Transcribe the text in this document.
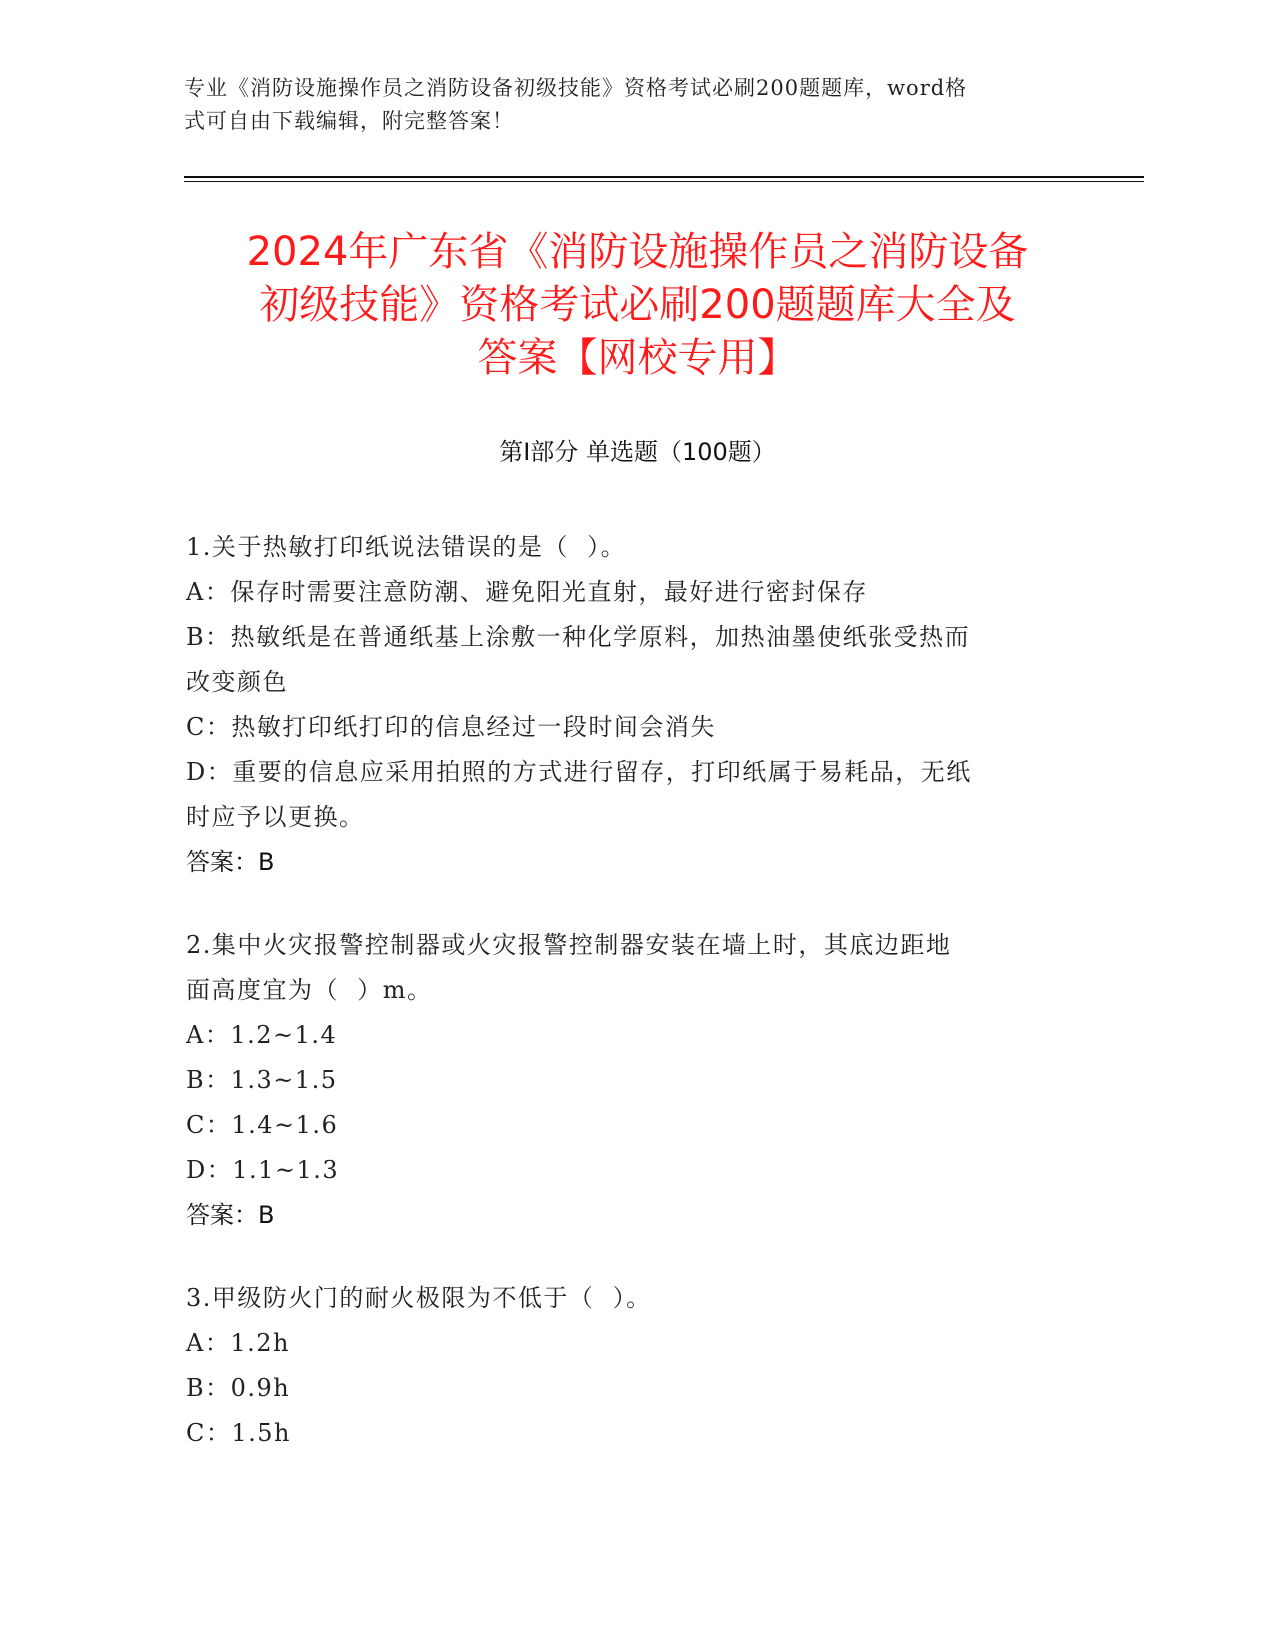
专业《消防设施操作员之消防设备初级技能》资格考试必刷200题题库，word格
式可自由下载编辑，附完整答案！
2024年广东省《消防设施操作员之消防设备
初级技能》资格考试必刷200题题库大全及
答案【网校专用】
第Ⅰ部分 单选题（100题）
1.关于热敏打印纸说法错误的是（  ）。
A：保存时需要注意防潮、避免阳光直射，最好进行密封保存
B：热敏纸是在普通纸基上涂敷一种化学原料，加热油墨使纸张受热而
改变颜色
C：热敏打印纸打印的信息经过一段时间会消失
D：重要的信息应采用拍照的方式进行留存，打印纸属于易耗品，无纸
时应予以更换。
答案：B
2.集中火灾报警控制器或火灾报警控制器安装在墙上时，其底边距地
面高度宜为（  ）m。
A：1.2~1.4
B：1.3~1.5
C：1.4~1.6
D：1.1~1.3
答案：B
3.甲级防火门的耐火极限为不低于（  ）。
A：1.2h
B：0.9h
C：1.5h
